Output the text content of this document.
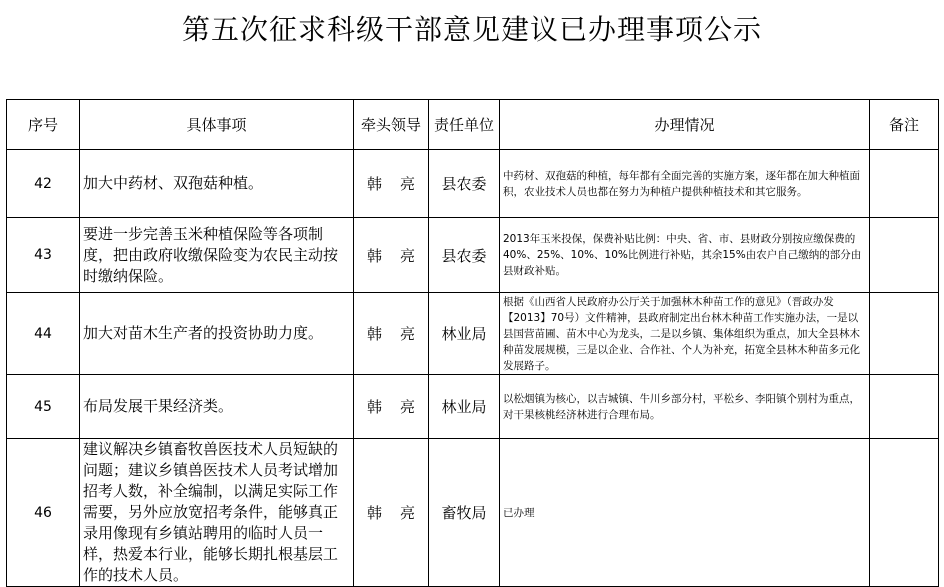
第五次征求科级干部意见建议已办理事项公示
序号	具体事项	牵头领导	责任单位	办理情况	备注
42	加大中药材、双孢菇种植。	韩 亮	县农委	中药材、双孢菇的种植，每年都有全面完善的实施方案，逐年都在加大种植面积，农业技术人员也都在努力为种植户提供种植技术和其它服务。	
43	要进一步完善玉米种植保险等各项制度，把由政府收缴保险变为农民主动按时缴纳保险。	韩 亮	县农委	2013年玉米投保，保费补贴比例：中央、省、市、县财政分别按应缴保费的40%、25%、10%、10%比例进行补贴，其余15%由农户自己缴纳的部分由县财政补贴。	
44	加大对苗木生产者的投资协助力度。	韩 亮	林业局	根据《山西省人民政府办公厅关于加强林木种苗工作的意见》（晋政办发【2013】70号）文件精神，县政府制定出台林木种苗工作实施办法，一是以县国营苗圃、苗木中心为龙头，二是以乡镇、集体组织为重点，加大全县林木种苗发展规模，三是以企业、合作社、个人为补充，拓宽全县林木种苗多元化发展路子。	
45	布局发展干果经济类。	韩 亮	林业局	以松烟镇为核心，以吉城镇、牛川乡部分村，平松乡、李阳镇个别村为重点，对干果核桃经济林进行合理布局。	
46	建议解决乡镇畜牧兽医技术人员短缺的问题；建议乡镇兽医技术人员考试增加招考人数，补全编制，以满足实际工作需要，另外应放宽招考条件，能够真正录用像现有乡镇站聘用的临时人员一样，热爱本行业，能够长期扎根基层工作的技术人员。	韩 亮	畜牧局	已办理	
